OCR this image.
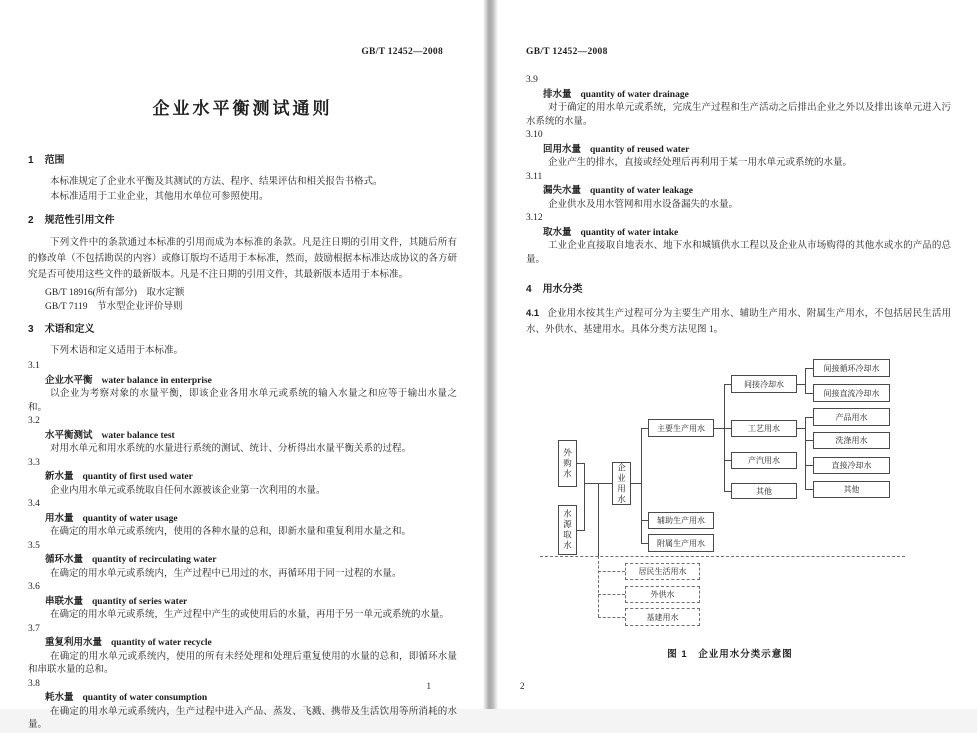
GB/T 12452—2008
企业水平衡测试通则
1 范围

本标准规定了企业水平衡及其测试的方法、程序、结果评估和相关报告书格式。

本标准适用于工业企业，其他用水单位可参照使用。

2 规范性引用文件

下列文件中的条款通过本标准的引用而成为本标准的条款。凡是注日期的引用文件，其随后所有的修改单（不包括勘误的内容）或修订版均不适用于本标准，然而，鼓励根据本标准达成协议的各方研究是否可使用这些文件的最新版本。凡是不注日期的引用文件，其最新版本适用于本标准。

GB/T 18916(所有部分)　取水定额

GB/T 7119　节水型企业评价导则

3 术语和定义

下列术语和定义适用于本标准。

3.1
企业水平衡 water balance in enterprise

以企业为考察对象的水量平衡，即该企业各用水单元或系统的输入水量之和应等于输出水量之和。

3.2
水平衡测试 water balance test

对用水单元和用水系统的水量进行系统的测试、统计、分析得出水量平衡关系的过程。

3.3
新水量 quantity of first used water

企业内用水单元或系统取自任何水源被该企业第一次利用的水量。

3.4
用水量 quantity of water usage

在确定的用水单元或系统内，使用的各种水量的总和，即新水量和重复利用水量之和。

3.5
循环水量 quantity of recirculating water

在确定的用水单元或系统内，生产过程中已用过的水，再循环用于同一过程的水量。

3.6
串联水量 quantity of series water

在确定的用水单元或系统，生产过程中产生的或使用后的水量，再用于另一单元或系统的水量。

3.7
重复利用水量 quantity of water recycle

在确定的用水单元或系统内，使用的所有未经处理和处理后重复使用的水量的总和，即循环水量和串联水量的总和。

3.8
耗水量 quantity of water consumption

在确定的用水单元或系统内，生产过程中进入产品、蒸发、飞溅、携带及生活饮用等所消耗的水量。

1
GB/T 12452—2008
3.9
排水量 quantity of water drainage

对于确定的用水单元或系统，完成生产过程和生产活动之后排出企业之外以及排出该单元进入污水系统的水量。

3.10
回用水量 quantity of reused water

企业产生的排水，直接或经处理后再利用于某一用水单元或系统的水量。

3.11
漏失水量 quantity of water leakage

企业供水及用水管网和用水设备漏失的水量。

3.12
取水量 quantity of water intake

工业企业直接取自地表水、地下水和城镇供水工程以及企业从市场购得的其他水或水的产品的总量。

4 用水分类

4.1 企业用水按其生产过程可分为主要生产用水、辅助生产用水、附属生产用水，不包括居民生活用水、外供水、基建用水。具体分类方法见图 1。

外购水
水源取水
企业用水
主要生产用水
辅助生产用水
附属生产用水
间接冷却水
工艺用水
产汽用水
其他
间接循环冷却水
间接直流冷却水
产品用水
洗涤用水
直接冷却水
其他
居民生活用水
外供水
基建用水
图 1　企业用水分类示意图
2
